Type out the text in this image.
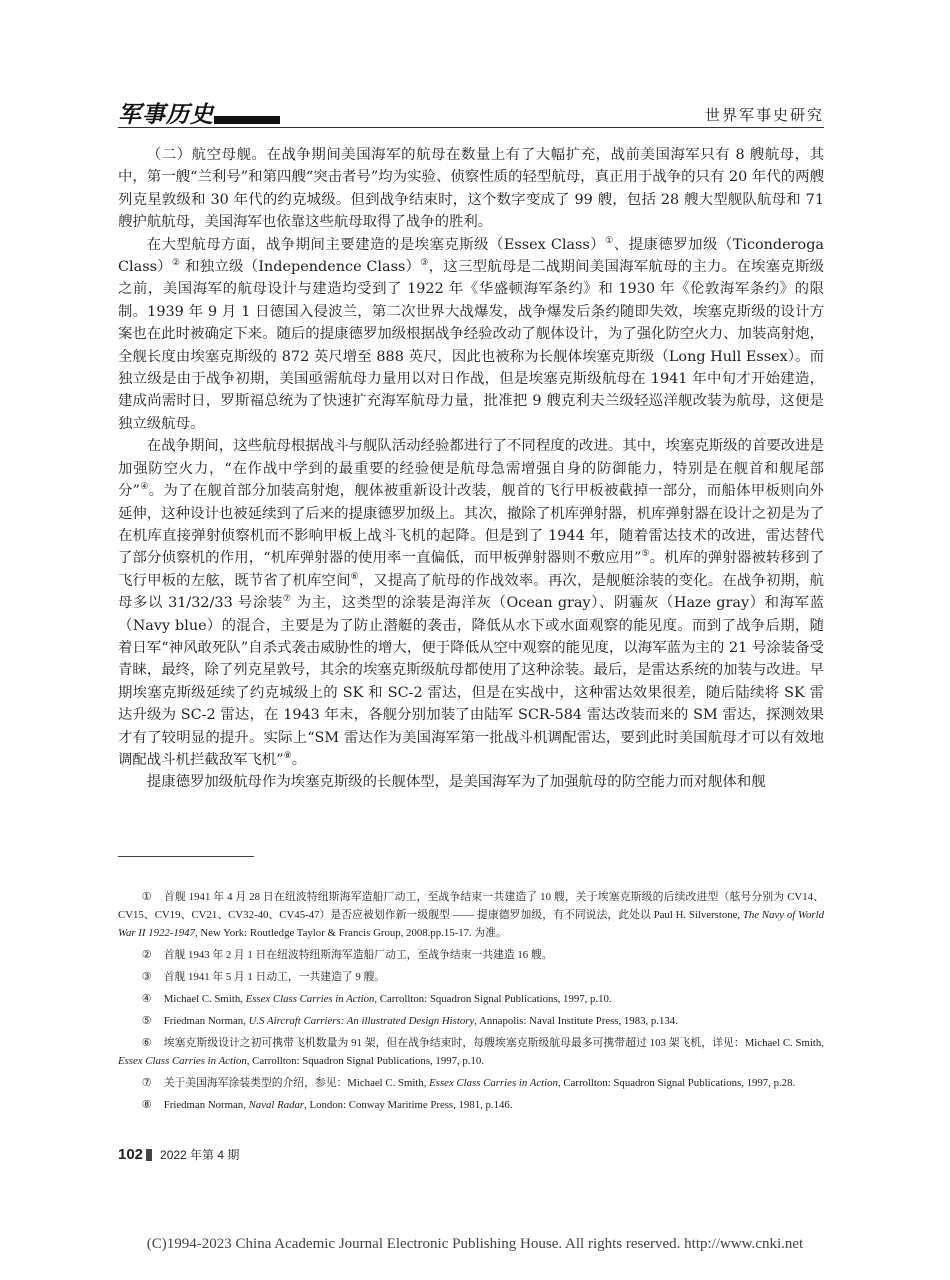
军事历史	世界军事史研究

（二）航空母舰。在战争期间美国海军的航母在数量上有了大幅扩充，战前美国海军只有 8 艘航母，其中，第一艘“兰利号”和第四艘“突击者号”均为实验、侦察性质的轻型航母，真正用于战争的只有 20 年代的两艘列克星敦级和 30 年代的约克城级。但到战争结束时，这个数字变成了 99 艘，包括 28 艘大型舰队航母和 71 艘护航航母，美国海军也依靠这些航母取得了战争的胜利。

在大型航母方面，战争期间主要建造的是埃塞克斯级（Essex Class）①、提康德罗加级（Ticonderoga Class）② 和独立级（Independence Class）③，这三型航母是二战期间美国海军航母的主力。在埃塞克斯级之前，美国海军的航母设计与建造均受到了 1922 年《华盛顿海军条约》和 1930 年《伦敦海军条约》的限制。1939 年 9 月 1 日德国入侵波兰，第二次世界大战爆发，战争爆发后条约随即失效，埃塞克斯级的设计方案也在此时被确定下来。随后的提康德罗加级根据战争经验改动了舰体设计，为了强化防空火力、加装高射炮，全舰长度由埃塞克斯级的 872 英尺增至 888 英尺，因此也被称为长舰体埃塞克斯级（Long Hull Essex）。而独立级是由于战争初期，美国亟需航母力量用以对日作战，但是埃塞克斯级航母在 1941 年中旬才开始建造，建成尚需时日，罗斯福总统为了快速扩充海军航母力量，批准把 9 艘克利夫兰级轻巡洋舰改装为航母，这便是独立级航母。

在战争期间，这些航母根据战斗与舰队活动经验都进行了不同程度的改进。其中，埃塞克斯级的首要改进是加强防空火力，“在作战中学到的最重要的经验便是航母急需增强自身的防御能力，特别是在舰首和舰尾部分”④。为了在舰首部分加装高射炮，舰体被重新设计改装，舰首的飞行甲板被截掉一部分，而船体甲板则向外延伸，这种设计也被延续到了后来的提康德罗加级上。其次，撤除了机库弹射器，机库弹射器在设计之初是为了在机库直接弹射侦察机而不影响甲板上战斗飞机的起降。但是到了 1944 年，随着雷达技术的改进，雷达替代了部分侦察机的作用，“机库弹射器的使用率一直偏低，而甲板弹射器则不敷应用”⑤。机库的弹射器被转移到了飞行甲板的左舷，既节省了机库空间⑥，又提高了航母的作战效率。再次，是舰艇涂装的变化。在战争初期，航母多以 31/32/33 号涂装⑦ 为主，这类型的涂装是海洋灰（Ocean gray）、阴霾灰（Haze gray）和海军蓝（Navy blue）的混合，主要是为了防止潜艇的袭击，降低从水下或水面观察的能见度。而到了战争后期，随着日军“神风敢死队”自杀式袭击威胁性的增大，便于降低从空中观察的能见度，以海军蓝为主的 21 号涂装备受青睐，最终，除了列克星敦号，其余的埃塞克斯级航母都使用了这种涂装。最后，是雷达系统的加装与改进。早期埃塞克斯级延续了约克城级上的 SK 和 SC-2 雷达，但是在实战中，这种雷达效果很差，随后陆续将 SK 雷达升级为 SC-2 雷达，在 1943 年末，各舰分别加装了由陆军 SCR-584 雷达改装而来的 SM 雷达，探测效果才有了较明显的提升。实际上“SM 雷达作为美国海军第一批战斗机调配雷达，要到此时美国航母才可以有效地调配战斗机拦截敌军飞机”⑧。

提康德罗加级航母作为埃塞克斯级的长舰体型，是美国海军为了加强航母的防空能力而对舰体和舰

① 首舰 1941 年 4 月 28 日在纽波特纽斯海军造船厂动工，至战争结束一共建造了 10 艘，关于埃塞克斯级的后续改进型（舷号分别为 CV14、CV15、CV19、CV21、CV32-40、CV45-47）是否应被划作新一级舰型 —— 提康德罗加级，有不同说法，此处以 Paul H. Silverstone, The Navy of World War II 1922-1947, New York: Routledge Taylor & Francis Group, 2008.pp.15-17. 为准。

② 首舰 1943 年 2 月 1 日在纽波特纽斯海军造船厂动工，至战争结束一共建造 16 艘。

③ 首舰 1941 年 5 月 1 日动工，一共建造了 9 艘。

④ Michael C. Smith, Essex Class Carries in Action, Carrollton: Squadron Signal Publications, 1997, p.10.

⑤ Friedman Norman, U.S Aircraft Carriers: An illustrated Design History, Annapolis: Naval Institute Press, 1983, p.134.

⑥ 埃塞克斯级设计之初可携带飞机数量为 91 架，但在战争结束时，每艘埃塞克斯级航母最多可携带超过 103 架飞机，详见：Michael C. Smith, Essex Class Carries in Action, Carrollton: Squadron Signal Publications, 1997, p.10.

⑦ 关于美国海军涂装类型的介绍，参见：Michael C. Smith, Essex Class Carries in Action, Carrollton: Squadron Signal Publications, 1997, p.28.

⑧ Friedman Norman, Naval Radar, London: Conway Maritime Press, 1981, p.146.

102 2022 年第 4 期
(C)1994-2023 China Academic Journal Electronic Publishing House. All rights reserved. http://www.cnki.net
